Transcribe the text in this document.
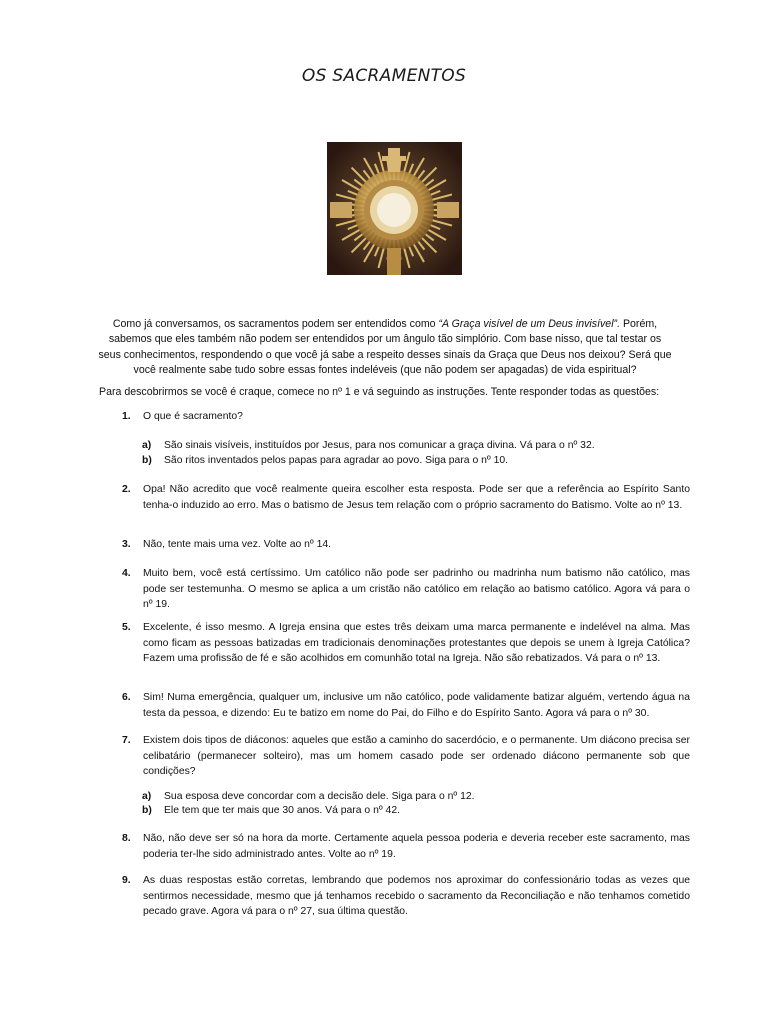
OS SACRAMENTOS
Como já conversamos, os sacramentos podem ser entendidos como “A Graça visível de um Deus invisível”. Porém, sabemos que eles também não podem ser entendidos por um ângulo tão simplório. Com base nisso, que tal testar os seus conhecimentos, respondendo o que você já sabe a respeito desses sinais da Graça que Deus nos deixou? Será que você realmente sabe tudo sobre essas fontes indeléveis (que não podem ser apagadas) de vida espiritual?
Para descobrirmos se você é craque, comece no nº 1 e vá seguindo as instruções. Tente responder todas as questões:
1. O que é sacramento?
a) São sinais visíveis, instituídos por Jesus, para nos comunicar a graça divina. Vá para o nº 32.
b) São ritos inventados pelos papas para agradar ao povo. Siga para o nº 10.
2. Opa! Não acredito que você realmente queira escolher esta resposta. Pode ser que a referência ao Espírito Santo tenha-o induzido ao erro. Mas o batismo de Jesus tem relação com o próprio sacramento do Batismo. Volte ao nº 13.
3. Não, tente mais uma vez. Volte ao nº 14.
4. Muito bem, você está certíssimo. Um católico não pode ser padrinho ou madrinha num batismo não católico, mas pode ser testemunha. O mesmo se aplica a um cristão não católico em relação ao batismo católico. Agora vá para o nº 19.
5. Excelente, é isso mesmo. A Igreja ensina que estes três deixam uma marca permanente e indelével na alma. Mas como ficam as pessoas batizadas em tradicionais denominações protestantes que depois se unem à Igreja Católica? Fazem uma profissão de fé e são acolhidos em comunhão total na Igreja. Não são rebatizados. Vá para o nº 13.
6. Sim! Numa emergência, qualquer um, inclusive um não católico, pode validamente batizar alguém, vertendo água na testa da pessoa, e dizendo: Eu te batizo em nome do Pai, do Filho e do Espírito Santo. Agora vá para o nº 30.
7. Existem dois tipos de diáconos: aqueles que estão a caminho do sacerdócio, e o permanente. Um diácono precisa ser celibatário (permanecer solteiro), mas um homem casado pode ser ordenado diácono permanente sob que condições?
a) Sua esposa deve concordar com a decisão dele. Siga para o nº 12.
b) Ele tem que ter mais que 30 anos. Vá para o nº 42.
8. Não, não deve ser só na hora da morte. Certamente aquela pessoa poderia e deveria receber este sacramento, mas poderia ter-lhe sido administrado antes. Volte ao nº 19.
9. As duas respostas estão corretas, lembrando que podemos nos aproximar do confessionário todas as vezes que sentirmos necessidade, mesmo que já tenhamos recebido o sacramento da Reconciliação e não tenhamos cometido pecado grave. Agora vá para o nº 27, sua última questão.
